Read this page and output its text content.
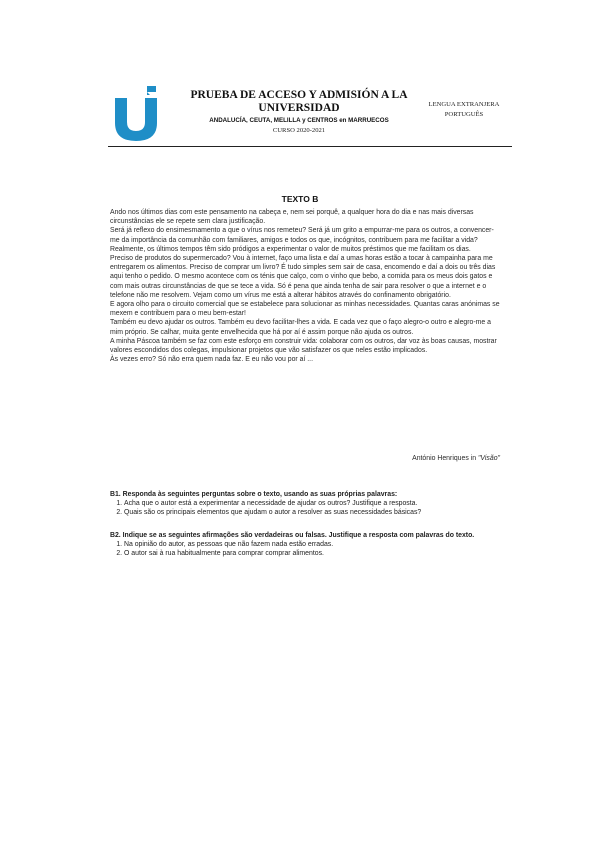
PRUEBA DE ACCESO Y ADMISIÓN A LA
UNIVERSIDAD
ANDALUCÍA, CEUTA, MELILLA y CENTROS en MARRUECOS
CURSO 2020-2021
LENGUA EXTRANJERA
PORTUGUÊS
TEXTO B

Ando nos últimos dias com este pensamento na cabeça e, nem sei porquê, a qualquer hora do dia e nas mais diversas circunstâncias ele se repete sem clara justificação.

Será já reflexo do ensimesmamento a que o vírus nos remeteu? Será já um grito a empurrar-me para os outros, a convencer-me da importância da comunhão com familiares, amigos e todos os que, incógnitos, contribuem para me facilitar a vida?

Realmente, os últimos tempos têm sido pródigos a experimentar o valor de muitos préstimos que me facilitam os dias.

Preciso de produtos do supermercado? Vou à internet, faço uma lista e daí a umas horas estão a tocar à campainha para me entregarem os alimentos. Preciso de comprar um livro? É tudo simples sem sair de casa, encomendo e daí a dois ou três dias aqui tenho o pedido. O mesmo acontece com os ténis que calço, com o vinho que bebo, a comida para os meus dois gatos e com mais outras circunstâncias de que se tece a vida. Só é pena que ainda tenha de sair para resolver o que a internet e o telefone não me resolvem. Vejam como um vírus me está a alterar hábitos através do confinamento obrigatório.

E agora olho para o circuito comercial que se estabelece para solucionar as minhas necessidades. Quantas caras anónimas se mexem e contribuem para o meu bem-estar!

Também eu devo ajudar os outros. Também eu devo facilitar-lhes a vida. E cada vez que o faço alegro-o outro e alegro-me a mim próprio. Se calhar, muita gente envelhecida que há por aí é assim porque não ajuda os outros.

A minha Páscoa também se faz com este esforço em construir vida: colaborar com os outros, dar voz às boas causas, mostrar valores escondidos dos colegas, impulsionar projetos que vão satisfazer os que neles estão implicados.

Às vezes erro? Só não erra quem nada faz. E eu não vou por aí ...

António Henriques in "Visão"

B1. Responda às seguintes perguntas sobre o texto, usando as suas próprias palavras:

1. Acha que o autor está a experimentar a necessidade de ajudar os outros? Justifique a resposta.
2. Quais são os principais elementos que ajudam o autor a resolver as suas necessidades básicas?

B2. Indique se as seguintes afirmações são verdadeiras ou falsas. Justifique a resposta com palavras do texto.

1. Na opinião do autor, as pessoas que não fazem nada estão erradas.
2. O autor sai à rua habitualmente para comprar comprar alimentos.
